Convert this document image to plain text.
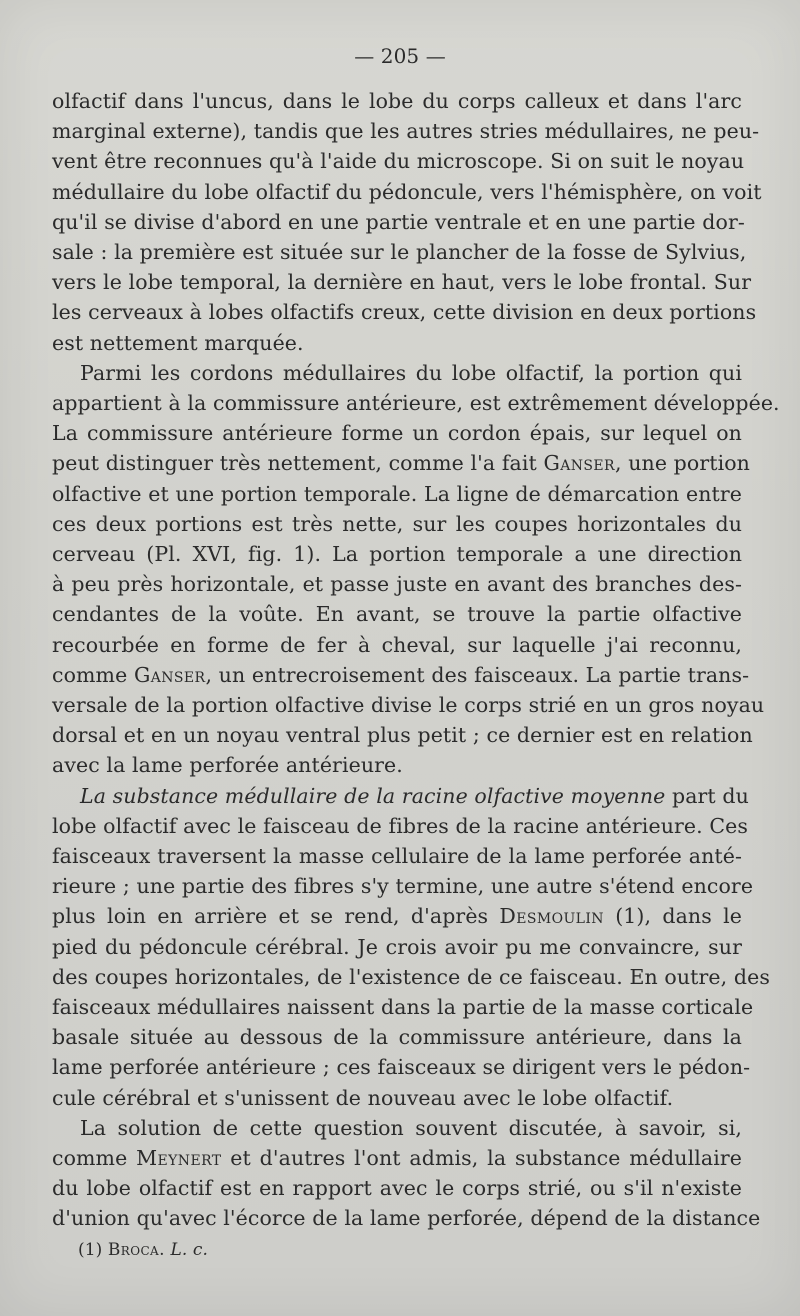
— 205 —
olfactif dans l'uncus, dans le lobe du corps calleux et dans l'arc
marginal externe), tandis que les autres stries médullaires, ne peu-
vent être reconnues qu'à l'aide du microscope. Si on suit le noyau
médullaire du lobe olfactif du pédoncule, vers l'hémisphère, on voit
qu'il se divise d'abord en une partie ventrale et en une partie dor-
sale : la première est située sur le plancher de la fosse de Sylvius,
vers le lobe temporal, la dernière en haut, vers le lobe frontal. Sur
les cerveaux à lobes olfactifs creux, cette division en deux portions
est nettement marquée.
Parmi les cordons médullaires du lobe olfactif, la portion qui
appartient à la commissure antérieure, est extrêmement développée.
La commissure antérieure forme un cordon épais, sur lequel on
peut distinguer très nettement, comme l'a fait Ganser, une portion
olfactive et une portion temporale. La ligne de démarcation entre
ces deux portions est très nette, sur les coupes horizontales du
cerveau (Pl. XVI, fig. 1). La portion temporale a une direction
à peu près horizontale, et passe juste en avant des branches des-
cendantes de la voûte. En avant, se trouve la partie olfactive
recourbée en forme de fer à cheval, sur laquelle j'ai reconnu,
comme Ganser, un entrecroisement des faisceaux. La partie trans-
versale de la portion olfactive divise le corps strié en un gros noyau
dorsal et en un noyau ventral plus petit ; ce dernier est en relation
avec la lame perforée antérieure.
La substance médullaire de la racine olfactive moyenne part du
lobe olfactif avec le faisceau de fibres de la racine antérieure. Ces
faisceaux traversent la masse cellulaire de la lame perforée anté-
rieure ; une partie des fibres s'y termine, une autre s'étend encore
plus loin en arrière et se rend, d'après Desmoulin (1), dans le
pied du pédoncule cérébral. Je crois avoir pu me convaincre, sur
des coupes horizontales, de l'existence de ce faisceau. En outre, des
faisceaux médullaires naissent dans la partie de la masse corticale
basale située au dessous de la commissure antérieure, dans la
lame perforée antérieure ; ces faisceaux se dirigent vers le pédon-
cule cérébral et s'unissent de nouveau avec le lobe olfactif.
La solution de cette question souvent discutée, à savoir, si,
comme Meynert et d'autres l'ont admis, la substance médullaire
du lobe olfactif est en rapport avec le corps strié, ou s'il n'existe
d'union qu'avec l'écorce de la lame perforée, dépend de la distance
(1) Broca. L. c.
